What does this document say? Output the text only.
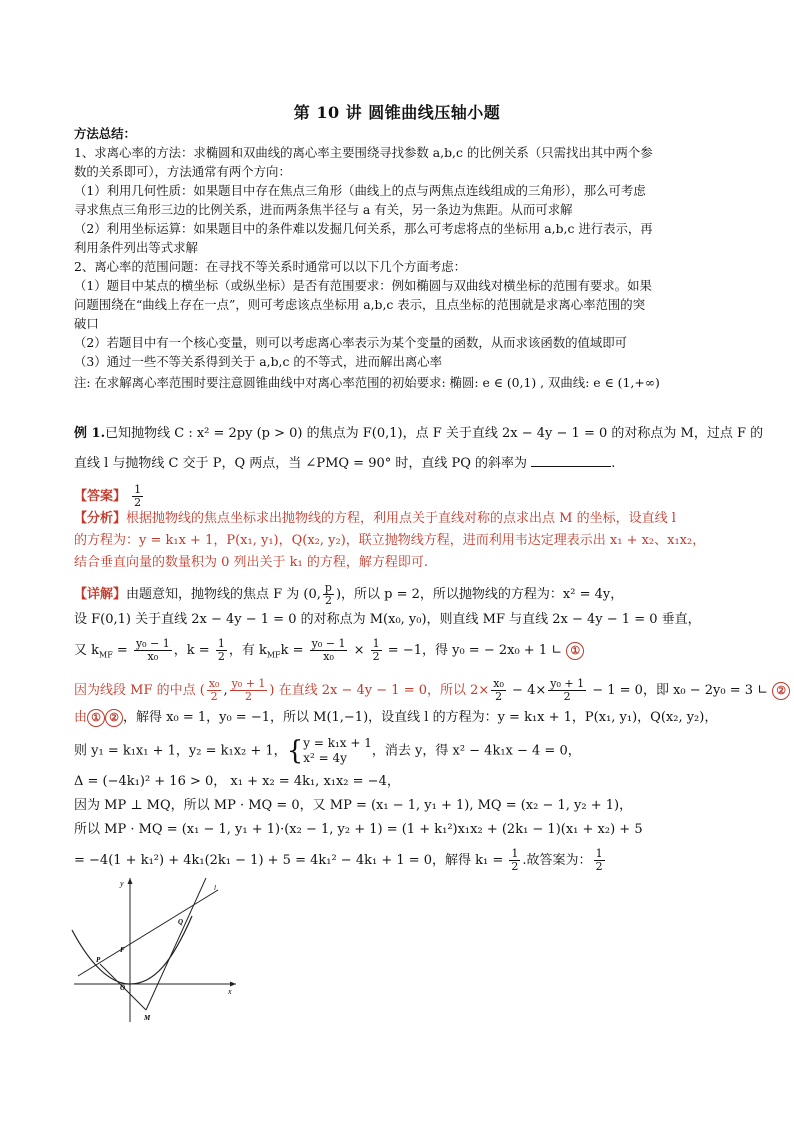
第 10 讲 圆锥曲线压轴小题
方法总结：
1、求离心率的方法：求椭圆和双曲线的离心率主要围绕寻找参数 a,b,c 的比例关系（只需找出其中两个参
数的关系即可），方法通常有两个方向：
（1）利用几何性质：如果题目中存在焦点三角形（曲线上的点与两焦点连线组成的三角形），那么可考虑
寻求焦点三角形三边的比例关系，进而两条焦半径与 a 有关，另一条边为焦距。从而可求解
（2）利用坐标运算：如果题目中的条件难以发掘几何关系，那么可考虑将点的坐标用 a,b,c 进行表示，再
利用条件列出等式求解
2、离心率的范围问题：在寻找不等关系时通常可以以下几个方面考虑：
（1）题目中某点的横坐标（或纵坐标）是否有范围要求：例如椭圆与双曲线对横坐标的范围有要求。如果
问题围绕在“曲线上存在一点”，则可考虑该点坐标用 a,b,c 表示，且点坐标的范围就是求离心率范围的突
破口
（2）若题目中有一个核心变量，则可以考虑离心率表示为某个变量的函数，从而求该函数的值域即可
（3）通过一些不等关系得到关于 a,b,c 的不等式，进而解出离心率
注: 在求解离心率范围时要注意圆锥曲线中对离心率范围的初始要求: 椭圆: e ∈ (0,1) , 双曲线: e ∈ (1,+∞)
例 1.已知抛物线 C : x² = 2py (p > 0) 的焦点为 F(0,1)，点 F 关于直线 2x − 4y − 1 = 0 的对称点为 M，过点 F 的
直线 l 与抛物线 C 交于 P，Q 两点，当 ∠PMQ = 90° 时，直线 PQ 的斜率为	.
【答案】 $\frac{1}{2}$
【分析】根据抛物线的焦点坐标求出抛物线的方程，利用点关于直线对称的点求出点 M 的坐标，设直线 l
的方程为：y = k₁x + 1，P(x₁, y₁)，Q(x₂, y₂)，联立抛物线方程，进而利用韦达定理表示出 x₁ + x₂、x₁x₂，
结合垂直向量的数量积为 0 列出关于 k₁ 的方程，解方程即可.
【详解】由题意知，抛物线的焦点 F 为 (0, $\frac{p}{2}$ )，所以 p = 2，所以抛物线的方程为：x² = 4y，
设 F(0,1) 关于直线 2x − 4y − 1 = 0 的对称点为 M(x₀, y₀)，则直线 MF 与直线 2x − 4y − 1 = 0 垂直，
又 $k_{MF} = \frac{\text{y₀ − 1}}{\text{x₀}}$ ，$k = \frac{1}{2}$ ，有 $k_{MF}k = \frac{\text{y₀ − 1}}{\text{x₀}} \times \frac{1}{2} = -1$，得 y₀ = − 2x₀ + 1 ∟ ①
因为线段 MF 的中点 ( $\frac{\text{x₀}}{2}$ , $\frac{\text{y₀ + 1}}{2}$ ) 在直线 2x − 4y − 1 = 0，所以 $2\times \frac{\text{x₀}}{2} - 4\times \frac{\text{y₀ + 1}}{2} - 1 = 0$，即 x₀ − 2y₀ = 3 ∟ ②
由 ① ② ，解得 x₀ = 1，y₀ = −1，所以 M(1,−1)，设直线 l 的方程为：y = k₁x + 1，P(x₁, y₁)，Q(x₂, y₂)，
则 y₁ = k₁x₁ + 1，y₂ = k₁x₂ + 1，{ y = k₁x + 1
x² = 4y	，消去 y，得 x² − 4k₁x − 4 = 0，
Δ = (−4k₁)² + 16 > 0， x₁ + x₂ = 4k₁, x₁x₂ = −4，
因为 MP ⊥ MQ，所以 MP · MQ = 0，又 MP = (x₁ − 1, y₁ + 1), MQ = (x₂ − 1, y₂ + 1)，
所以 MP · MQ = (x₁ − 1, y₁ + 1)·(x₂ − 1, y₂ + 1) = (1 + k₁²)x₁x₂ + (2k₁ − 1)(x₁ + x₂) + 5
= −4(1 + k₁²) + 4k₁(2k₁ − 1) + 5 = 4k₁² − 4k₁ + 1 = 0，解得 $k_1 = \frac{1}{2}$ .故答案为： $\frac{1}{2}$
y
x
O
F
P
Q
M
l
